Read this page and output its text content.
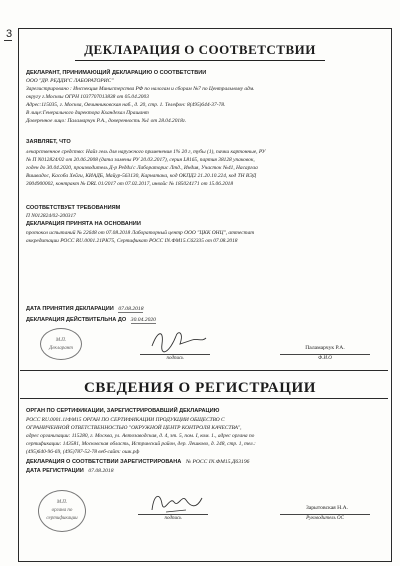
3
ДЕКЛАРАЦИЯ О СООТВЕТСТВИИ
ДЕКЛАРАНТ, ПРИНИМАЮЩИЙ ДЕКЛАРАЦИЮ О СООТВЕТСТВИИ
ООО "ДР. РЕДДИ'С ЛАБОРАТОРИС"
Зарегистрировано : Инспекция Министерства РФ по налогам и сборам №7 по Центральному адм.
округу г.Москвы ОГРН 1037707013838 от 05.04.2003
Адрес:115035, г. Москва, Овчинниковская наб., д. 20, стр. 1. Телефон: 8(495)644-37-78.
В лице:Генерального директора Кхандехал Прашант
Доверенное лицо: Паламарчук Р.А., доверенность №1 от 28.04.2018г.
ЗАЯВЛЯЕТ, ЧТО
лекарственное средство: Найз гель для наружного применения 1% 20 г, тубы (1), пачки картонные, РУ
№ П N012824/02 от 20.06.2008 (дата замены РУ 20.03.2017), серия L8165, партия 38128 упаковок,
годен до 30.04.2020, производитель Д-р Редди'с Лабораторис Лтд., Индия, Участок №41, Насаргаа
Вишвадос, Касоба Хейги, КИАДБ, Майур-563130, Карнатака, код ОКПД2 21.20.10.224, код ТН ВЭД
3004900002, контракт № DRL 01/2017 от 07.02.2017, инвойс № 185024171 от 15.06.2018
СООТВЕТСТВУЕТ ТРЕБОВАНИЯМ
П N012824/02-200317
ДЕКЛАРАЦИЯ ПРИНЯТА НА ОСНОВАНИИ
протокол испытаний № 22648 от 07.08.2018 Лабораторный центр ООО "ЦКК ОНЦ", аттестат
аккредитации РОСС RU.0001.21РК75, Сертификат РОСС IN.ФМ15.С62335 от 07.08.2018
ДАТА ПРИНЯТИЯ ДЕКЛАРАЦИИ 07.08.2018
ДЕКЛАРАЦИЯ ДЕЙСТВИТЕЛЬНА ДО 30.04.2020
М.П.
Декларант
подпись
Паламарчук Р.А.
Ф.И.О
СВЕДЕНИЯ О РЕГИСТРАЦИИ
ОРГАН ПО СЕРТИФИКАЦИИ, ЗАРЕГИСТРИРОВАВШИЙ ДЕКЛАРАЦИЮ
РОСС RU.0001.11ФМ15 ОРГАН ПО СЕРТИФИКАЦИИ ПРОДУКЦИИ ОБЩЕСТВО С
ОГРАНИЧЕННОЙ ОТВЕТСТВЕННОСТЬЮ "ОКРУЖНОЙ ЦЕНТР КОНТРОЛЯ КАЧЕСТВА",
адрес организации: 115280, г. Москва, ул. Автозаводская, д. 4, эт. 5, пом. I, ком. 1., адрес органа по
сертификации: 143581, Московская область, Истринский район, дер. Лешково, д. 248, стр. 1, тел.:
(495)640-96-69, (495)787-52-78 веб-сайт: ошк.рф
ДЕКЛАРАЦИЯ О СООТВЕТСТВИИ ЗАРЕГИСТРИРОВАНА № РОСС IN.ФМ15.Д63196
ДАТА РЕГИСТРАЦИИ 07.08.2018
М.П.
органа по
сертификации	подпись
Зарытовская Н.А.
Руководитель ОС
